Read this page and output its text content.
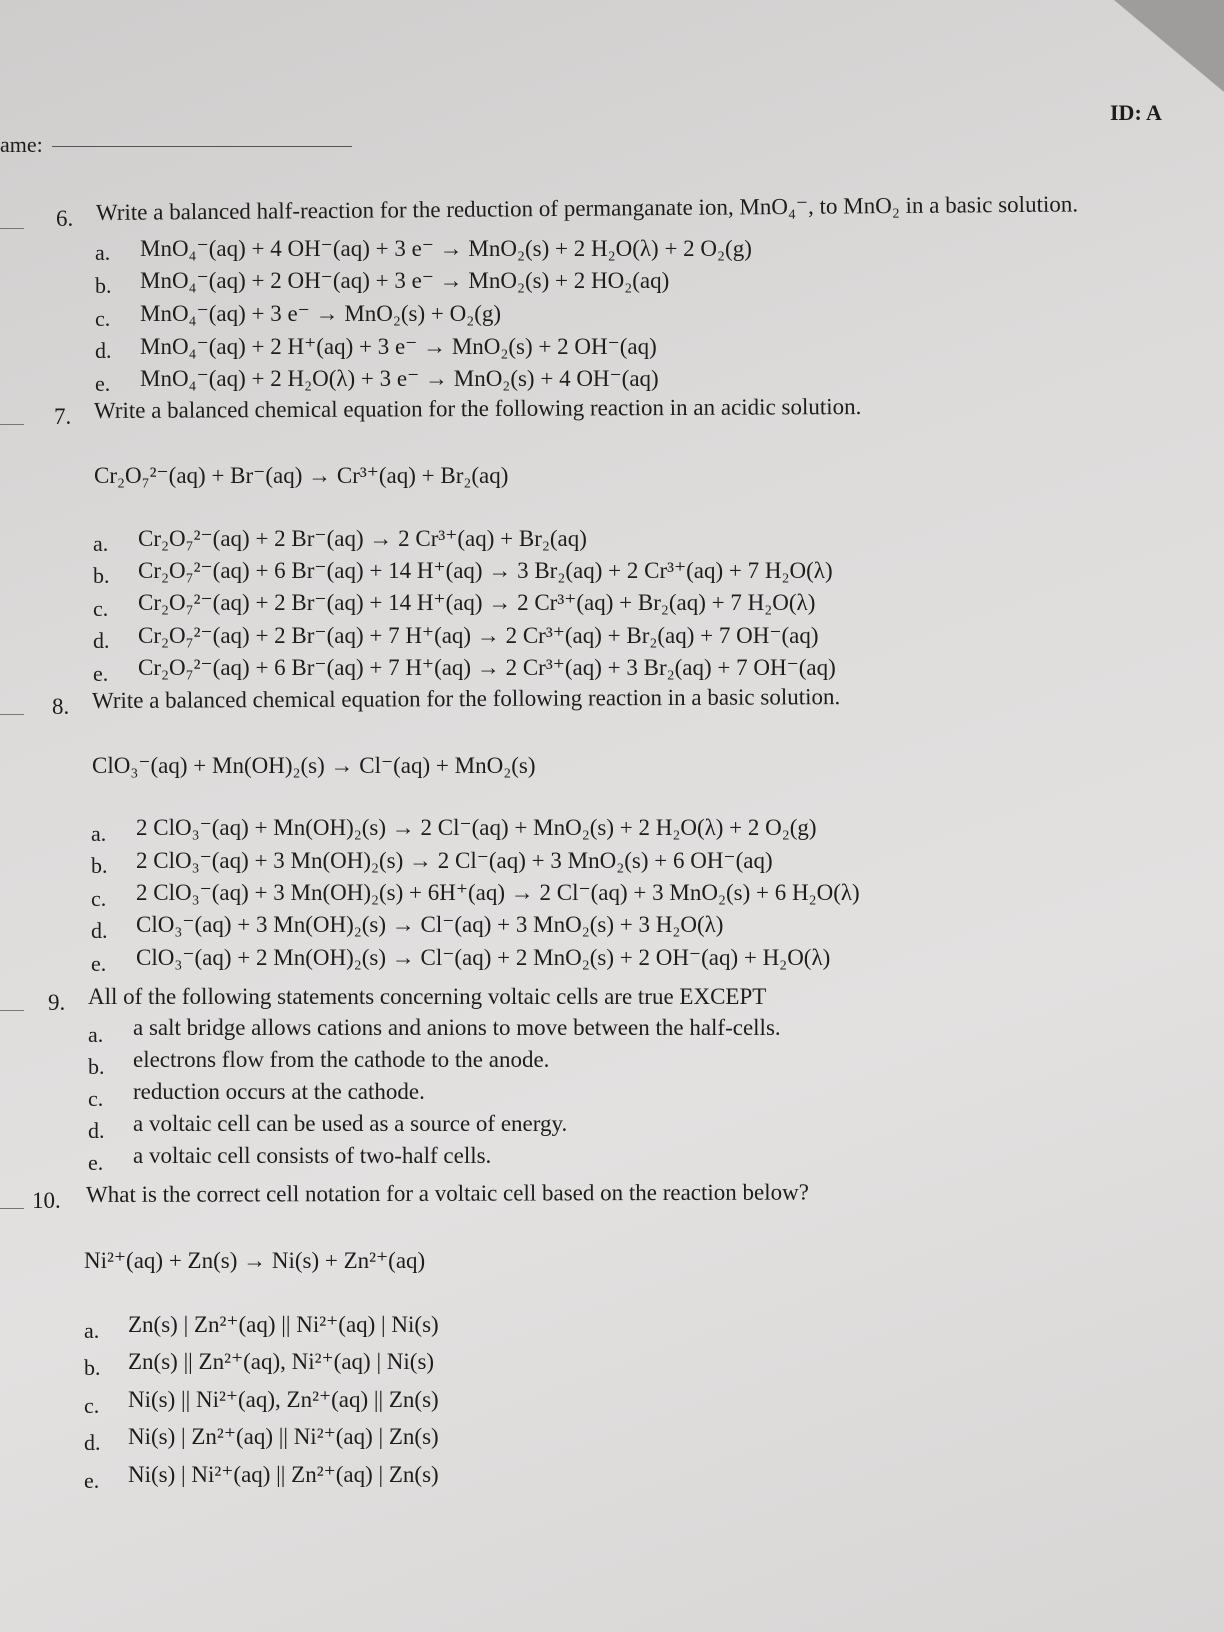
ID: A
ame:
6. Write a balanced half-reaction for the reduction of permanganate ion, MnO₄⁻, to MnO₂ in a basic solution.
a. MnO₄⁻(aq) + 4 OH⁻(aq) + 3 e⁻ → MnO₂(s) + 2 H₂O(λ) + 2 O₂(g)
b. MnO₄⁻(aq) + 2 OH⁻(aq) + 3 e⁻ → MnO₂(s) + 2 HO₂(aq)
c. MnO₄⁻(aq) + 3 e⁻ → MnO₂(s) + O₂(g)
d. MnO₄⁻(aq) + 2 H⁺(aq) + 3 e⁻ → MnO₂(s) + 2 OH⁻(aq)
e. MnO₄⁻(aq) + 2 H₂O(λ) + 3 e⁻ → MnO₂(s) + 4 OH⁻(aq)
7. Write a balanced chemical equation for the following reaction in an acidic solution.
Cr₂O₇²⁻(aq) + Br⁻(aq) → Cr³⁺(aq) + Br₂(aq)
a. Cr₂O₇²⁻(aq) + 2 Br⁻(aq) → 2 Cr³⁺(aq) + Br₂(aq)
b. Cr₂O₇²⁻(aq) + 6 Br⁻(aq) + 14 H⁺(aq) → 3 Br₂(aq) + 2 Cr³⁺(aq) + 7 H₂O(λ)
c. Cr₂O₇²⁻(aq) + 2 Br⁻(aq) + 14 H⁺(aq) → 2 Cr³⁺(aq) + Br₂(aq) + 7 H₂O(λ)
d. Cr₂O₇²⁻(aq) + 2 Br⁻(aq) + 7 H⁺(aq) → 2 Cr³⁺(aq) + Br₂(aq) + 7 OH⁻(aq)
e. Cr₂O₇²⁻(aq) + 6 Br⁻(aq) + 7 H⁺(aq) → 2 Cr³⁺(aq) + 3 Br₂(aq) + 7 OH⁻(aq)
8. Write a balanced chemical equation for the following reaction in a basic solution.
ClO₃⁻(aq) + Mn(OH)₂(s) → Cl⁻(aq) + MnO₂(s)
a. 2 ClO₃⁻(aq) + Mn(OH)₂(s) → 2 Cl⁻(aq) + MnO₂(s) + 2 H₂O(λ) + 2 O₂(g)
b. 2 ClO₃⁻(aq) + 3 Mn(OH)₂(s) → 2 Cl⁻(aq) + 3 MnO₂(s) + 6 OH⁻(aq)
c. 2 ClO₃⁻(aq) + 3 Mn(OH)₂(s) + 6H⁺(aq) → 2 Cl⁻(aq) + 3 MnO₂(s) + 6 H₂O(λ)
d. ClO₃⁻(aq) + 3 Mn(OH)₂(s) → Cl⁻(aq) + 3 MnO₂(s) + 3 H₂O(λ)
e. ClO₃⁻(aq) + 2 Mn(OH)₂(s) → Cl⁻(aq) + 2 MnO₂(s) + 2 OH⁻(aq) + H₂O(λ)
9. All of the following statements concerning voltaic cells are true EXCEPT
a. a salt bridge allows cations and anions to move between the half-cells.
b. electrons flow from the cathode to the anode.
c. reduction occurs at the cathode.
d. a voltaic cell can be used as a source of energy.
e. a voltaic cell consists of two-half cells.
10. What is the correct cell notation for a voltaic cell based on the reaction below?
Ni²⁺(aq) + Zn(s) → Ni(s) + Zn²⁺(aq)
a. Zn(s) | Zn²⁺(aq) || Ni²⁺(aq) | Ni(s)
b. Zn(s) || Zn²⁺(aq), Ni²⁺(aq) | Ni(s)
c. Ni(s) || Ni²⁺(aq), Zn²⁺(aq) || Zn(s)
d. Ni(s) | Zn²⁺(aq) || Ni²⁺(aq) | Zn(s)
e. Ni(s) | Ni²⁺(aq) || Zn²⁺(aq) | Zn(s)
